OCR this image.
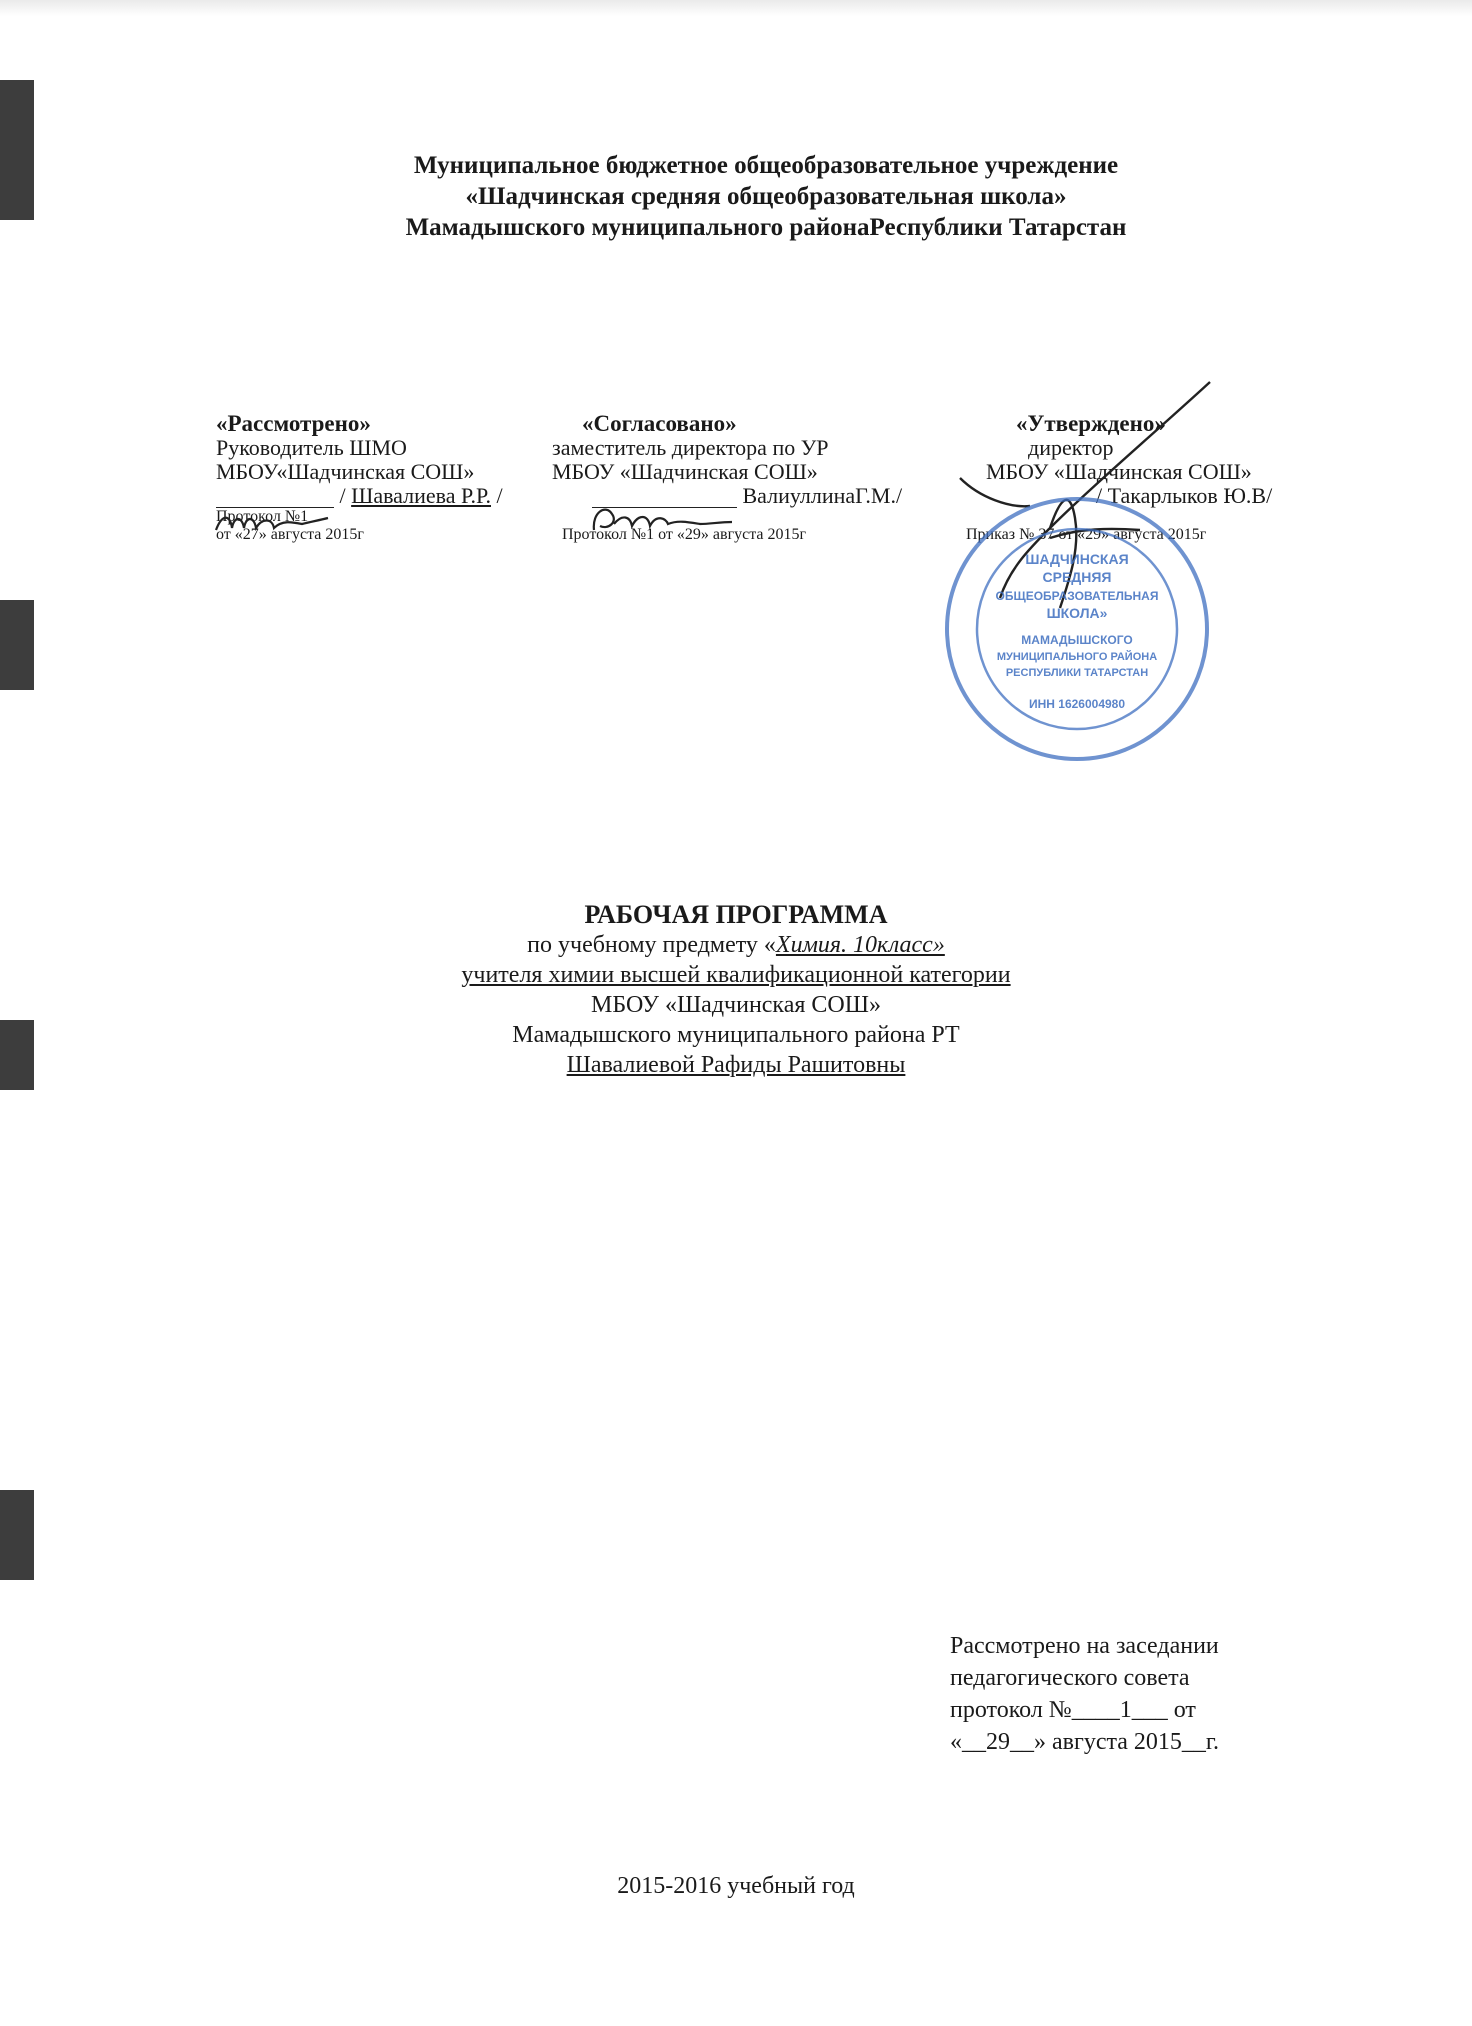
Муниципальное бюджетное общеобразовательное учреждение
«Шадчинская средняя общеобразовательная школа»
Мамадышского муниципального районаРеспублики Татарстан
«Рассмотрено»
Руководитель ШМО
МБОУ«Шадчинская СОШ»
/ Шавалиева Р.Р. /
Протокол №1
от «27» августа 2015г
«Согласовано»
заместитель директора по УР
МБОУ «Шадчинская СОШ»
ВалиуллинаГ.М./
Протокол №1 от «29» августа 2015г
«Утверждено»
директор
МБОУ «Шадчинская СОШ»
/ Такарлыков Ю.В/
Приказ № 37 от «29» августа 2015г
ШАДЧИНСКАЯ
СРЕДНЯЯ
ОБЩЕОБРАЗОВАТЕЛЬНАЯ
ШКОЛА»
МАМАДЫШСКОГО
МУНИЦИПАЛЬНОГО РАЙОНА
РЕСПУБЛИКИ ТАТАРСТАН
ИНН 1626004980
РАБОЧАЯ ПРОГРАММА
по учебному предмету «Химия. 10класс»
учителя химии высшей квалификационной категории
МБОУ «Шадчинская СОШ»
Мамадышского муниципального района РТ
Шавалиевой Рафиды Рашитовны
Рассмотрено на заседании
педагогического совета
протокол №____1___ от
«__29__» августа 2015__г.
2015-2016 учебный год
